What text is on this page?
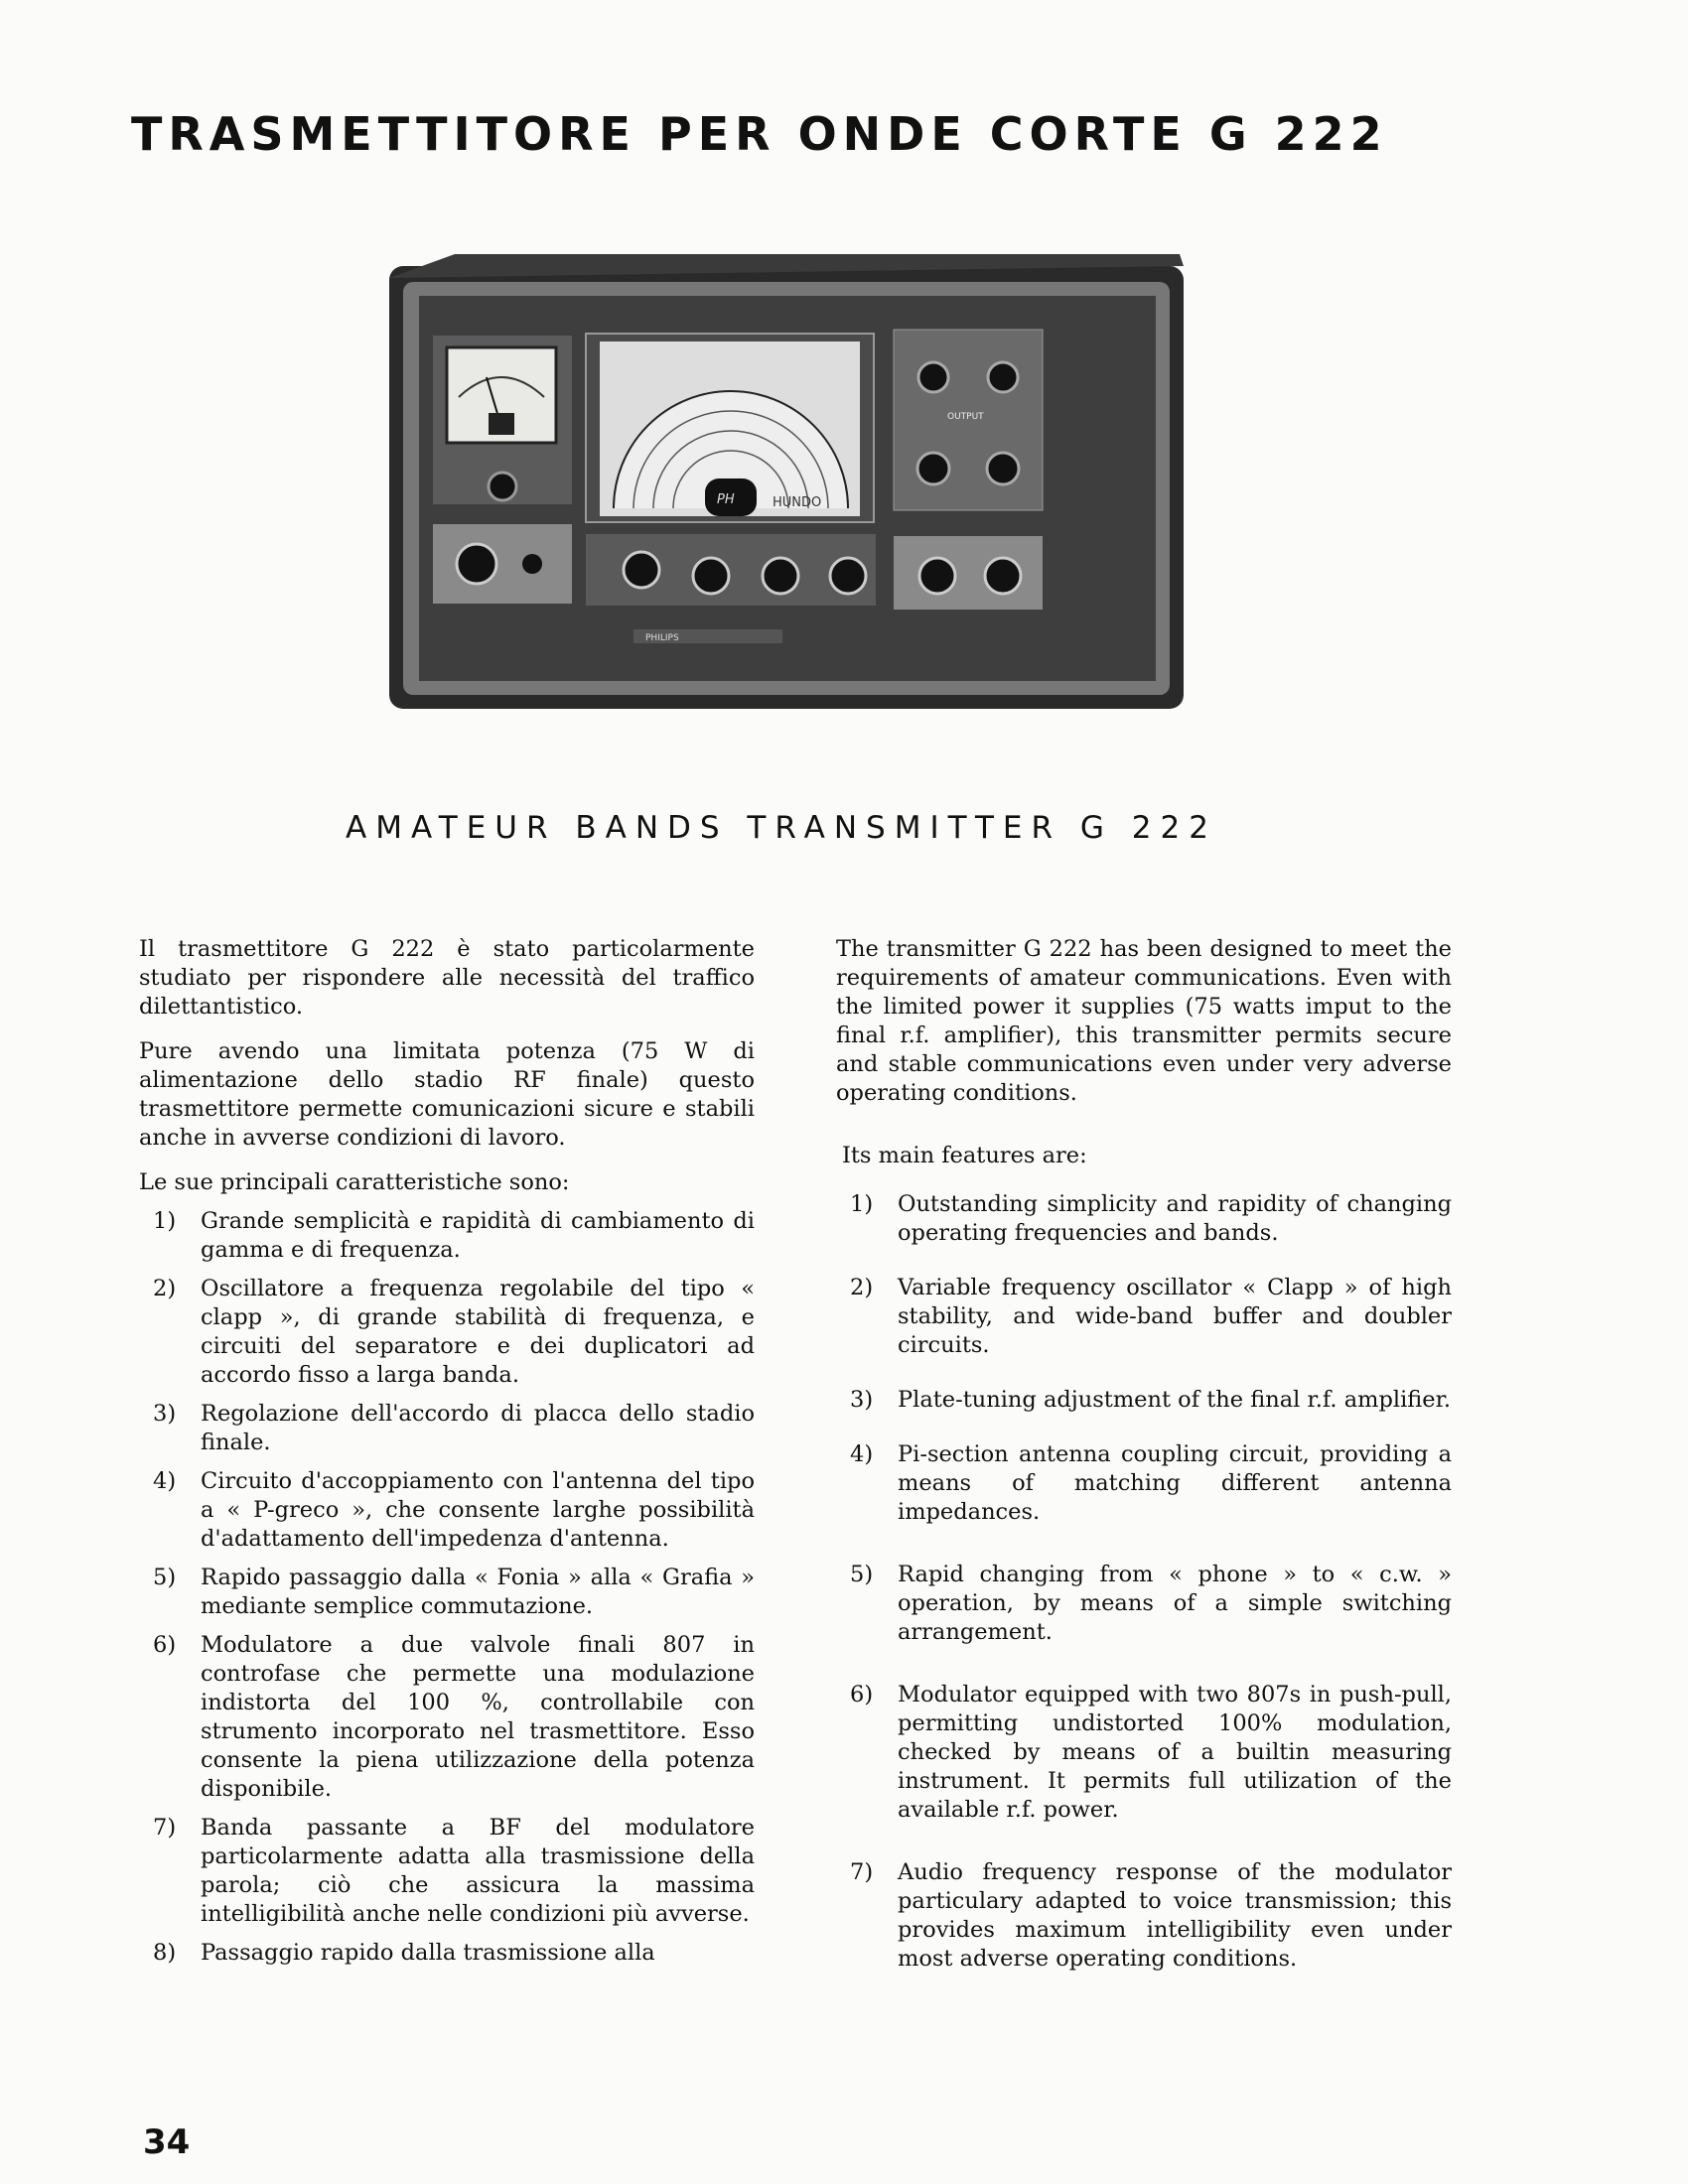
TRASMETTITORE PER ONDE CORTE G 222
PH	HUNDO
OUTPUT
PHILIPS
AMATEUR BANDS TRANSMITTER G 222

Il trasmettitore G 222 è stato particolarmente studiato per rispondere alle necessità del traffico dilettantistico.

Pure avendo una limitata potenza (75 W di alimentazione dello stadio RF finale) questo trasmettitore permette comunicazioni sicure e stabili anche in avverse condizioni di lavoro.

Le sue principali caratteristiche sono:

1) Grande semplicità e rapidità di cambiamento di gamma e di frequenza.
2) Oscillatore a frequenza regolabile del tipo « clapp », di grande stabilità di frequenza, e circuiti del separatore e dei duplicatori ad accordo fisso a larga banda.
3) Regolazione dell'accordo di placca dello stadio finale.
4) Circuito d'accoppiamento con l'antenna del tipo a « P-greco », che consente larghe possibilità d'adattamento dell'impedenza d'antenna.
5) Rapido passaggio dalla « Fonia » alla « Grafia » mediante semplice commutazione.
6) Modulatore a due valvole finali 807 in controfase che permette una modulazione indistorta del 100 %, controllabile con strumento incorporato nel trasmettitore. Esso consente la piena utilizzazione della potenza disponibile.
7) Banda passante a BF del modulatore particolarmente adatta alla trasmissione della parola; ciò che assicura la massima intelligibilità anche nelle condizioni più avverse.
8) Passaggio rapido dalla trasmissione alla

The transmitter G 222 has been designed to meet the requirements of amateur communications. Even with the limited power it supplies (75 watts imput to the final r.f. amplifier), this transmitter permits secure and stable communications even under very adverse operating conditions.

Its main features are:

1) Outstanding simplicity and rapidity of changing operating frequencies and bands.
2) Variable frequency oscillator « Clapp » of high stability, and wide-band buffer and doubler circuits.
3) Plate-tuning adjustment of the final r.f. amplifier.
4) Pi-section antenna coupling circuit, providing a means of matching different antenna impedances.
5) Rapid changing from « phone » to « c.w. » operation, by means of a simple switching arrangement.
6) Modulator equipped with two 807s in push-pull, permitting undistorted 100% modulation, checked by means of a builtin measuring instrument. It permits full utilization of the available r.f. power.
7) Audio frequency response of the modulator particulary adapted to voice transmission; this provides maximum intelligibility even under most adverse operating conditions.
34
